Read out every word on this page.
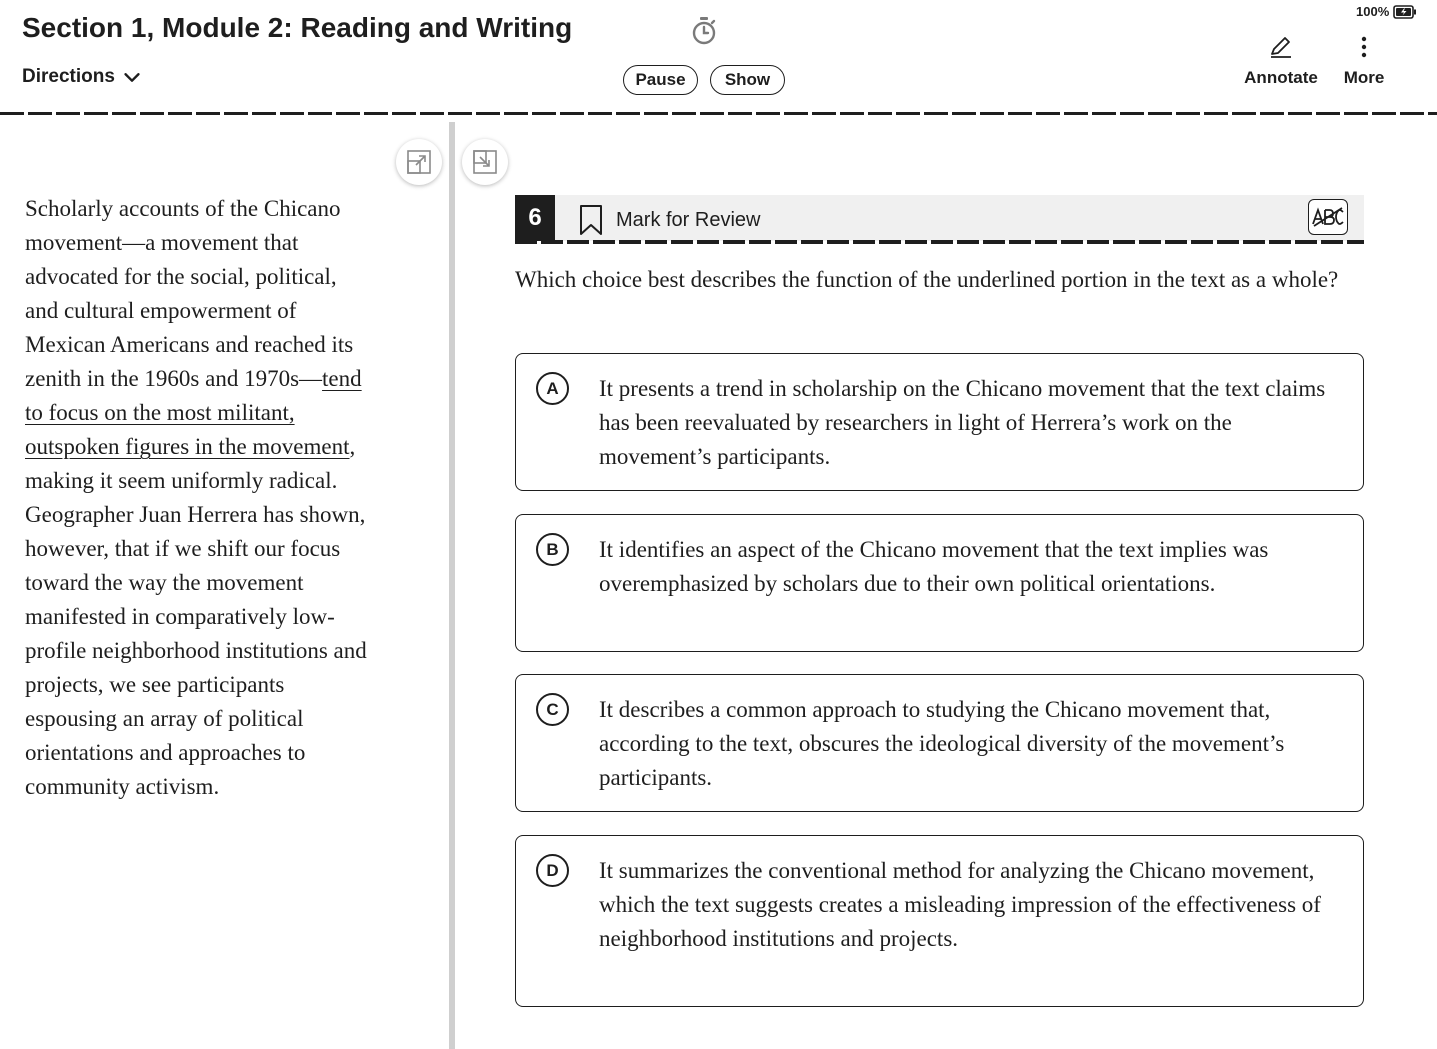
Section 1, Module 2: Reading and Writing
Directions	Pause	Show
100%
Annotate More
Scholarly accounts of the Chicano movement—a movement that advocated for the social, political, and cultural empowerment of Mexican Americans and reached its zenith in the 1960s and 1970s—tend to focus on the most militant, outspoken figures in the movement, making it seem uniformly radical. Geographer Juan Herrera has shown, however, that if we shift our focus toward the way the movement manifested in comparatively low-profile neighborhood institutions and projects, we see participants espousing an array of political orientations and approaches to community activism.
6	Mark for Review
Which choice best describes the function of the underlined portion in the text as a whole?
A	It presents a trend in scholarship on the Chicano movement that the text claims has been reevaluated by researchers in light of Herrera’s work on the movement’s participants.
B	It identifies an aspect of the Chicano movement that the text implies was overemphasized by scholars due to their own political orientations.
C	It describes a common approach to studying the Chicano movement that, according to the text, obscures the ideological diversity of the movement’s participants.
D	It summarizes the conventional method for analyzing the Chicano movement, which the text suggests creates a misleading impression of the effectiveness of neighborhood institutions and projects.
